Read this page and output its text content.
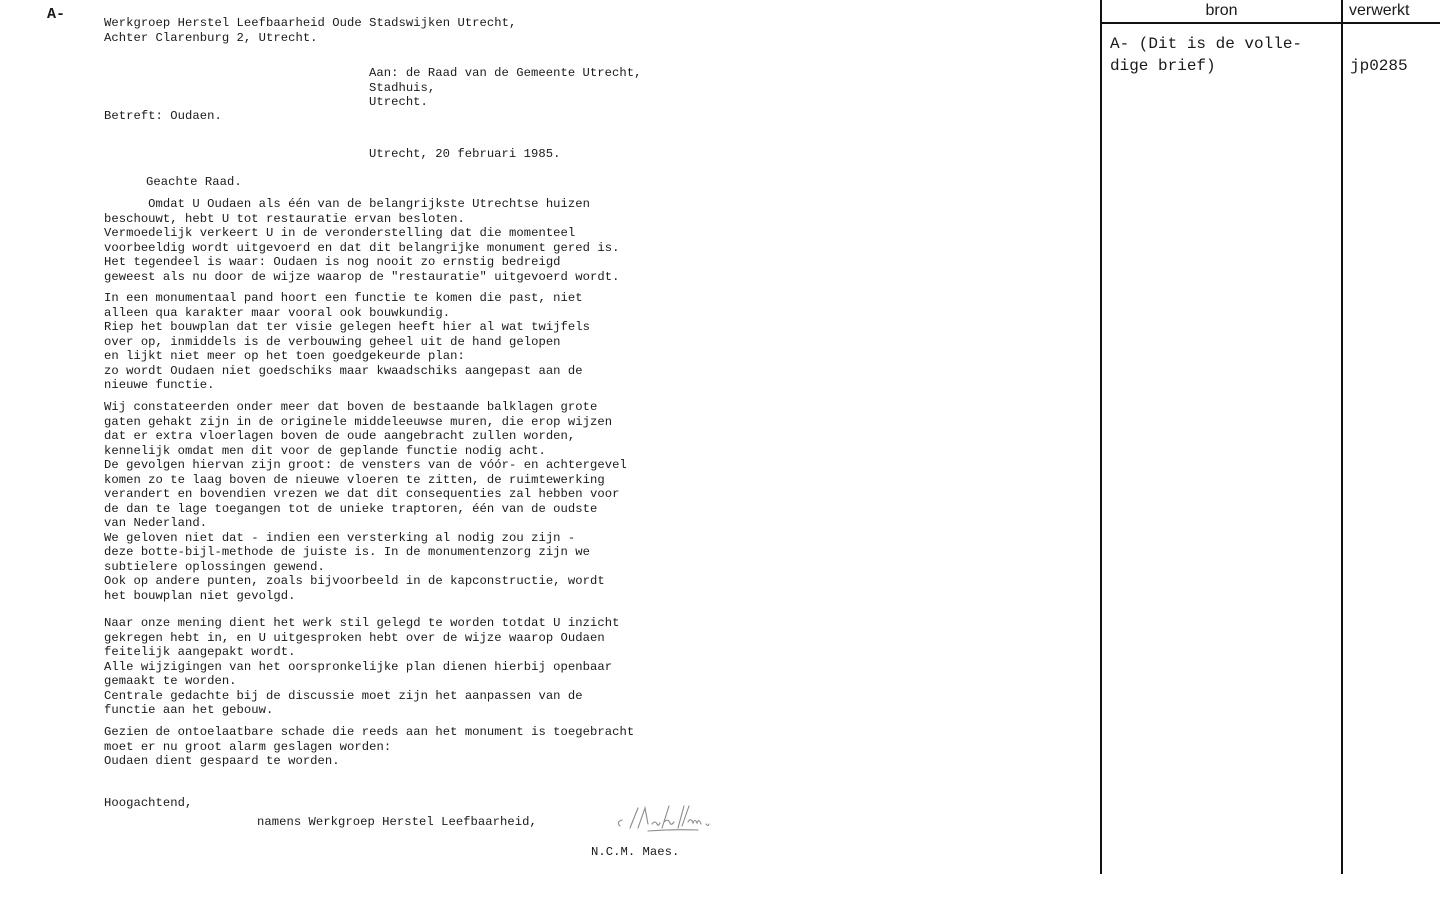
A-	Werkgroep Herstel Leefbaarheid Oude Stadswijken Utrecht,
Achter Clarenburg 2, Utrecht.
Aan: de Raad van de Gemeente Utrecht,
Stadhuis,
Utrecht.
Betreft: Oudaen.
Utrecht, 20 februari 1985.
Geachte Raad.
Omdat U Oudaen als één van de belangrijkste Utrechtse huizen
beschouwt, hebt U tot restauratie ervan besloten.
Vermoedelijk verkeert U in de veronderstelling dat die momenteel
voorbeeldig wordt uitgevoerd en dat dit belangrijke monument gered is.
Het tegendeel is waar: Oudaen is nog nooit zo ernstig bedreigd
geweest als nu door de wijze waarop de "restauratie" uitgevoerd wordt.
In een monumentaal pand hoort een functie te komen die past, niet
alleen qua karakter maar vooral ook bouwkundig.
Riep het bouwplan dat ter visie gelegen heeft hier al wat twijfels
over op, inmiddels is de verbouwing geheel uit de hand gelopen
en lijkt niet meer op het toen goedgekeurde plan:
zo wordt Oudaen niet goedschiks maar kwaadschiks aangepast aan de
nieuwe functie.
Wij constateerden onder meer dat boven de bestaande balklagen grote
gaten gehakt zijn in de originele middeleeuwse muren, die erop wijzen
dat er extra vloerlagen boven de oude aangebracht zullen worden,
kennelijk omdat men dit voor de geplande functie nodig acht.
De gevolgen hiervan zijn groot: de vensters van de vóór- en achtergevel
komen zo te laag boven de nieuwe vloeren te zitten, de ruimtewerking
verandert en bovendien vrezen we dat dit consequenties zal hebben voor
de dan te lage toegangen tot de unieke traptoren, één van de oudste
van Nederland.
We geloven niet dat - indien een versterking al nodig zou zijn -
deze botte-bijl-methode de juiste is. In de monumentenzorg zijn we
subtielere oplossingen gewend.
Ook op andere punten, zoals bijvoorbeeld in de kapconstructie, wordt
het bouwplan niet gevolgd.
Naar onze mening dient het werk stil gelegd te worden totdat U inzicht
gekregen hebt in, en U uitgesproken hebt over de wijze waarop Oudaen
feitelijk aangepakt wordt.
Alle wijzigingen van het oorspronkelijke plan dienen hierbij openbaar
gemaakt te worden.
Centrale gedachte bij de discussie moet zijn het aanpassen van de
functie aan het gebouw.
Gezien de ontoelaatbare schade die reeds aan het monument is toegebracht
moet er nu groot alarm geslagen worden:
Oudaen dient gespaard te worden.
Hoogachtend,
namens Werkgroep Herstel Leefbaarheid,
N.C.M. Maes.
bron	verwerkt
A- (Dit is de volle-
dige brief)	jp0285
